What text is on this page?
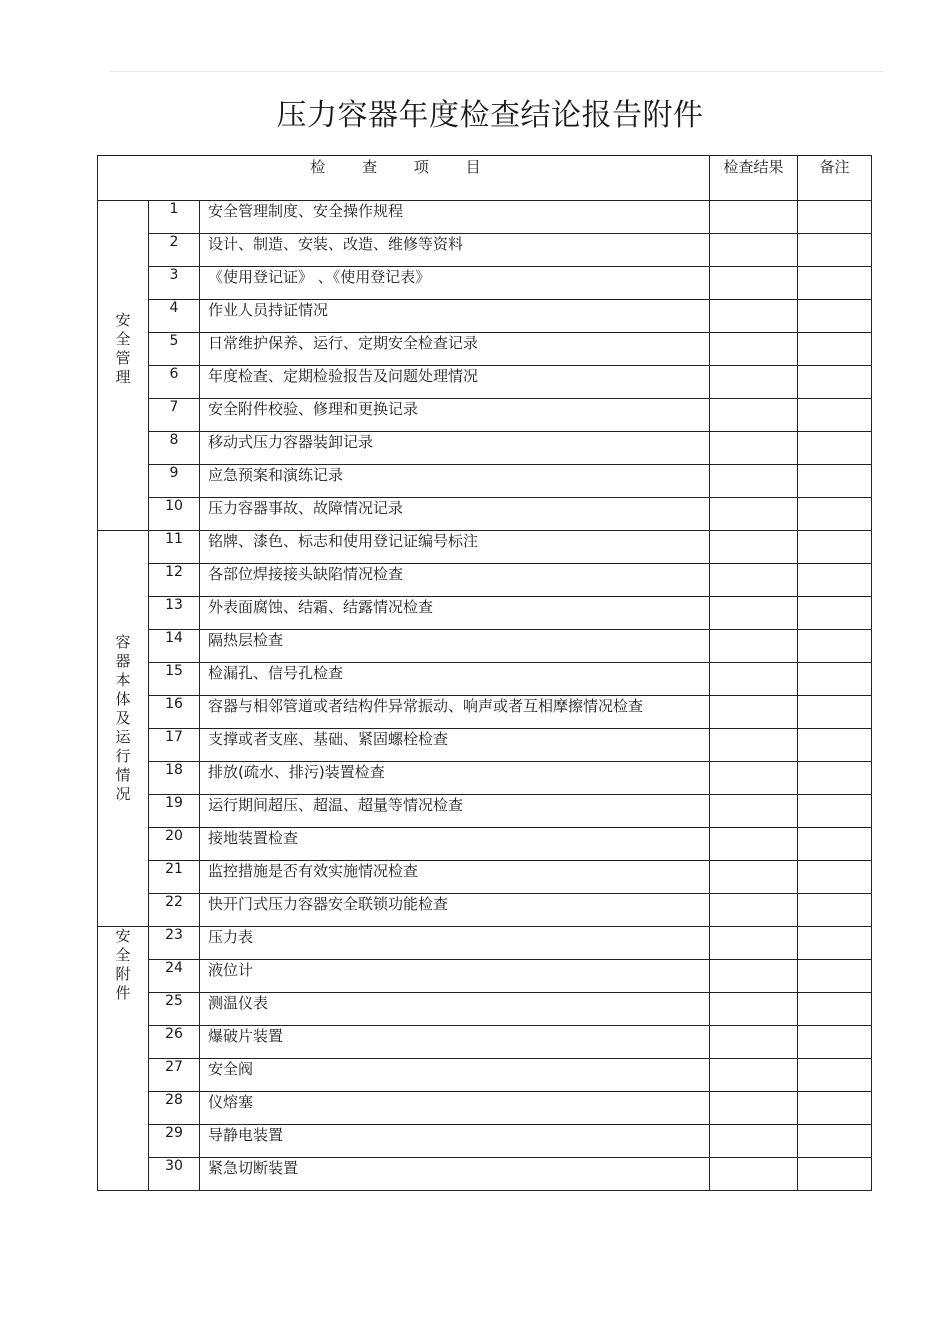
压力容器年度检查结论报告附件
检 查 项 目			检查结果	备注
安全管理	1	安全管理制度、安全操作规程		
	2	设计、制造、安装、改造、维修等资料		
	3	《使用登记证》 、《使用登记表》		
	4	作业人员持证情况		
	5	日常维护保养、运行、定期安全检查记录		
	6	年度检查、定期检验报告及问题处理情况		
	7	安全附件校验、修理和更换记录		
	8	移动式压力容器装卸记录		
	9	应急预案和演练记录		
	10	压力容器事故、故障情况记录		
容器本体及运行情况	11	铭牌、漆色、标志和使用登记证编号标注		
	12	各部位焊接接头缺陷情况检查		
	13	外表面腐蚀、结霜、结露情况检查		
	14	隔热层检查		
	15	检漏孔、信号孔检查		
	16	容器与相邻管道或者结构件异常振动、响声或者互相摩擦情况检查		
	17	支撑或者支座、基础、紧固螺栓检查		
	18	排放(疏水、排污)装置检查		
	19	运行期间超压、超温、超量等情况检查		
	20	接地装置检查		
	21	监控措施是否有效实施情况检查		
	22	快开门式压力容器安全联锁功能检查		
安全附件	23	压力表		
	24	液位计		
	25	测温仪表		
	26	爆破片装置		
	27	安全阀		
	28	仪熔塞		
	29	导静电装置		
	30	紧急切断装置		
